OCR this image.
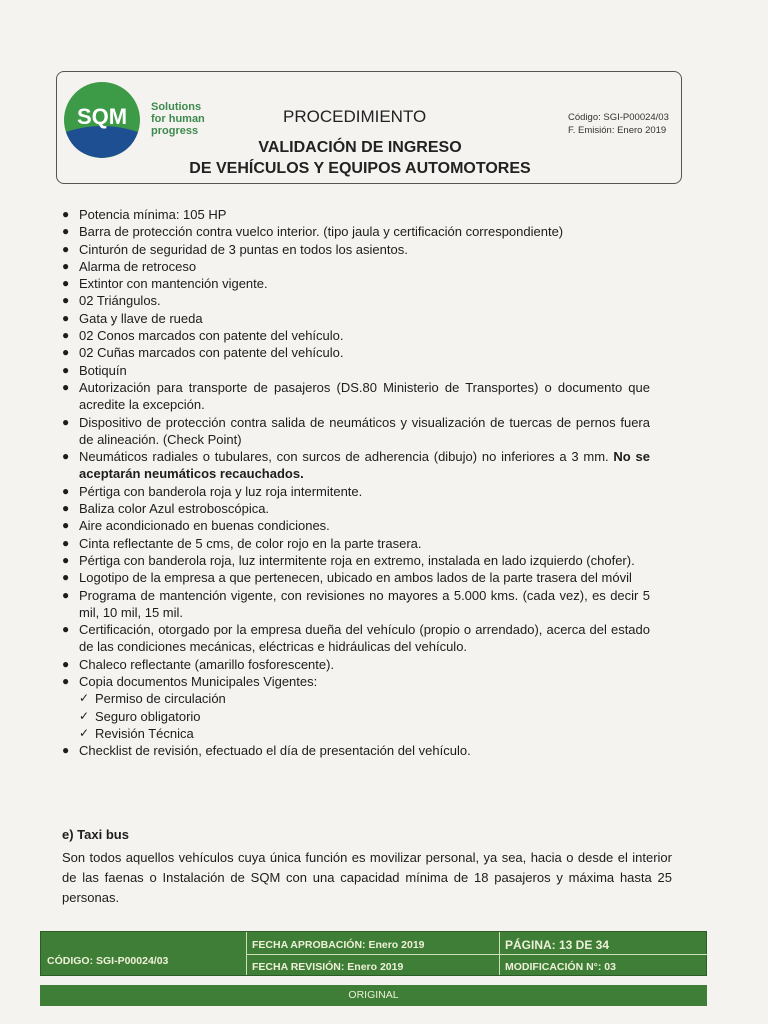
SQM Solutions
for human
progress
PROCEDIMIENTO
VALIDACIÓN DE INGRESO
DE VEHÍCULOS Y EQUIPOS AUTOMOTORES
Código: SGI-P00024/03
F. Emisión: Enero 2019
● Potencia mínima: 105 HP
● Barra de protección contra vuelco interior. (tipo jaula y certificación correspondiente)
● Cinturón de seguridad de 3 puntas en todos los asientos.
● Alarma de retroceso
● Extintor con mantención vigente.
● 02 Triángulos.
● Gata y llave de rueda
● 02 Conos marcados con patente del vehículo.
● 02 Cuñas marcados con patente del vehículo.
● Botiquín
● Autorización para transporte de pasajeros (DS.80 Ministerio de Transportes) o documento que acredite la excepción.
● Dispositivo de protección contra salida de neumáticos y visualización de tuercas de pernos fuera de alineación. (Check Point)
● Neumáticos radiales o tubulares, con surcos de adherencia (dibujo) no inferiores a 3 mm. No se aceptarán neumáticos recauchados.
● Pértiga con banderola roja y luz roja intermitente.
● Baliza color Azul estroboscópica.
● Aire acondicionado en buenas condiciones.
● Cinta reflectante de 5 cms, de color rojo en la parte trasera.
● Pértiga con banderola roja, luz intermitente roja en extremo, instalada en lado izquierdo (chofer).
● Logotipo de la empresa a que pertenecen, ubicado en ambos lados de la parte trasera del móvil
● Programa de mantención vigente, con revisiones no mayores a 5.000 kms. (cada vez), es decir 5 mil, 10 mil, 15 mil.
● Certificación, otorgado por la empresa dueña del vehículo (propio o arrendado), acerca del estado de las condiciones mecánicas, eléctricas e hidráulicas del vehículo.
● Chaleco reflectante (amarillo fosforescente).
● Copia documentos Municipales Vigentes:
✓ Permiso de circulación
✓ Seguro obligatorio
✓ Revisión Técnica
● Checklist de revisión, efectuado el día de presentación del vehículo.
e) Taxi bus
Son todos aquellos vehículos cuya única función es movilizar personal, ya sea, hacia o desde el interior de las faenas o Instalación de SQM con una capacidad mínima de 18 pasajeros y máxima hasta 25 personas.
CÓDIGO: SGI-P00024/03
FECHA APROBACIÓN: Enero 2019
FECHA REVISIÓN: Enero 2019
PÁGINA: 13 DE 34
MODIFICACIÓN N°: 03
ORIGINAL
